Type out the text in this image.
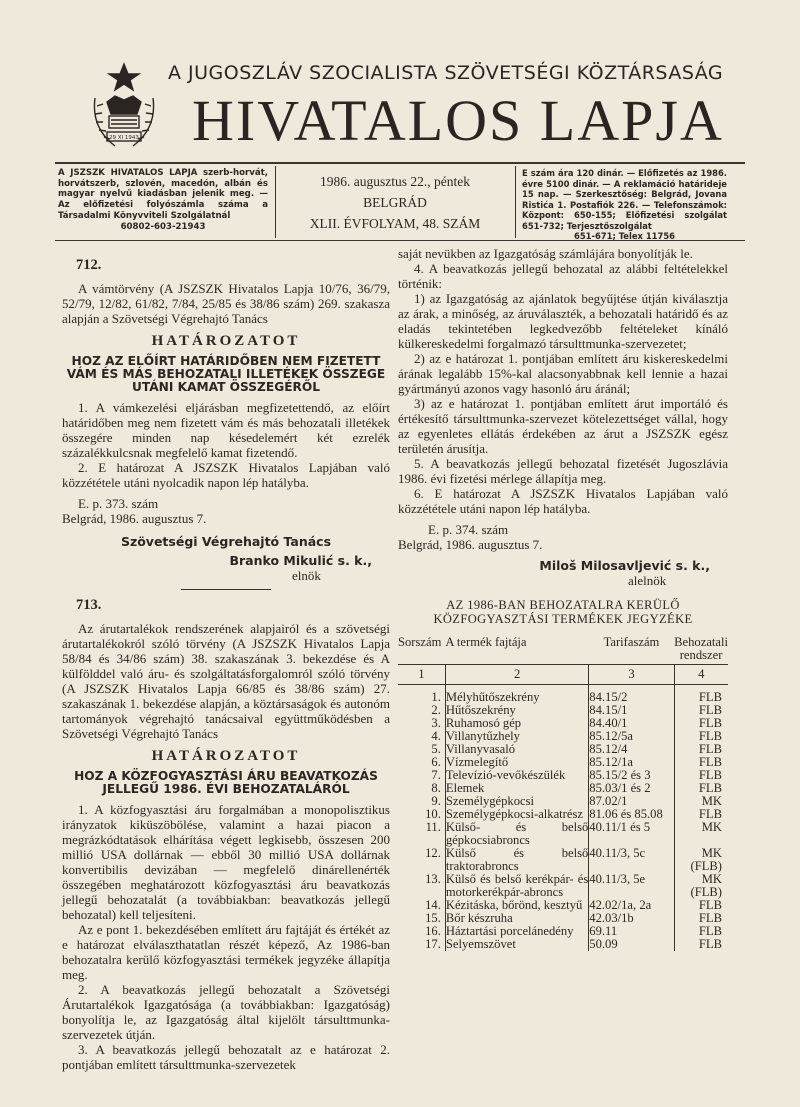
29 XI 1943
A JUGOSZLÁV SZOCIALISTA SZÖVETSÉGI KÖZTÁRSASÁG
HIVATALOS LAPJA
A JSZSZK HIVATALOS LAPJA szerb-horvát, horvátszerb, szlovén, macedón, albán és magyar nyelvű kiadásban jelenik meg. — Az előfizetési folyószámla száma a Társadalmi Könyvviteli Szolgálatnál
60802-603-21943
1986. augusztus 22., péntek
BELGRÁD
XLII. ÉVFOLYAM, 48. SZÁM
E szám ára 120 dinár. — Előfizetés az 1986. évre 5100 dinár. — A reklamáció határideje 15 nap. — Szerkesztőség: Belgrád, Jovana Ristića 1. Postafiók 226. — Telefonszámok: Központ: 650-155; Előfizetési szolgálat 651-732; Terjesztőszolgálat
651-671; Telex 11756
712.

A vámtörvény (A JSZSZK Hivatalos Lapja 10/76, 36/79, 52/79, 12/82, 61/82, 7/84, 25/85 és 38/86 szám) 269. szakasza alapján a Szövetségi Végrehajtó Tanács

HATÁROZATOT
HOZ AZ ELŐÍRT HATÁRIDŐBEN NEM FIZETETT VÁM ÉS MÁS BEHOZATALI ILLETÉKEK ÖSSZEGE UTÁNI KAMAT ÖSSZEGÉRŐL

1. A vámkezelési eljárásban megfizetettendő, az előírt határidőben meg nem fizetett vám és más behozatali illetékek összegére minden nap késedelemért két ezrelék százalékkulcsnak megfelelő kamat fizetendő.

2. E határozat A JSZSZK Hivatalos Lapjában való közzététele utáni nyolcadik napon lép hatályba.

E. p. 373. szám
Belgrád, 1986. augusztus 7.
Szövetségi Végrehajtó Tanács
Branko Mikulić s. k.,
elnök
713.

Az árutartalékok rendszerének alapjairól és a szövetségi árutartalékokról szóló törvény (A JSZSZK Hivatalos Lapja 58/84 és 34/86 szám) 38. szakaszának 3. bekezdése és A külfölddel való áru- és szolgáltatásforgalomról szóló törvény (A JSZSZK Hivatalos Lapja 66/85 és 38/86 szám) 27. szakaszának 1. bekezdése alapján, a köztársaságok és autonóm tartományok végrehajtó tanácsaival együttműködésben a Szövetségi Végrehajtó Tanács

HATÁROZATOT
HOZ A KÖZFOGYASZTÁSI ÁRU BEAVATKOZÁS JELLEGŰ 1986. ÉVI BEHOZATALÁRÓL

1. A közfogyasztási áru forgalmában a monopolisztikus irányzatok kiküszöbölése, valamint a hazai piacon a megrázkódtatások elhárítása végett legkisebb, összesen 200 millió USA dollárnak — ebből 30 millió USA dollárnak konvertibilis devizában — megfelelő dinárellenérték összegében meghatározott közfogyasztási áru beavatkozás jellegű behozatalát (a továbbiakban: beavatkozás jellegű behozatal) kell teljesíteni.

Az e pont 1. bekezdésében említett áru fajtáját és értékét az e határozat elválaszthatatlan részét képező, Az 1986-ban behozatalra kerülő közfogyasztási termékek jegyzéke állapítja meg.

2. A beavatkozás jellegű behozatalt a Szövetségi Árutartalékok Igazgatósága (a továbbiakban: Igazgatóság) bonyolítja le, az Igazgatóság által kijelölt társulttmunka-szervezetek útján.

3. A beavatkozás jellegű behozatalt az e határozat 2. pontjában említett társulttmunka-szervezetek

saját nevükben az Igazgatóság számlájára bonyolítják le.

4. A beavatkozás jellegű behozatal az alábbi feltételekkel történik:

1) az Igazgatóság az ajánlatok begyűjtése útján kiválasztja az árak, a minőség, az áruválaszték, a behozatali határidő és az eladás tekintetében legkedvezőbb feltételeket kínáló külkereskedelmi forgalmazó társulttmunka-szervezetet;

2) az e határozat 1. pontjában említett áru kiskereskedelmi árának legalább 15%-kal alacsonyabbnak kell lennie a hazai gyártmányú azonos vagy hasonló áru áránál;

3) az e határozat 1. pontjában említett árut importáló és értékesítő társulttmunka-szervezet kötelezettséget vállal, hogy az egyenletes ellátás érdekében az árut a JSZSZK egész területén árusítja.

5. A beavatkozás jellegű behozatal fizetését Jugoszlávia 1986. évi fizetési mérlege állapítja meg.

6. E határozat A JSZSZK Hivatalos Lapjában való közzététele utáni napon lép hatályba.

E. p. 374. szám
Belgrád, 1986. augusztus 7.
Miloš Milosavljević s. k.,
alelnök
AZ 1986-BAN BEHOZATALRA KERÜLŐ KÖZFOGYASZTÁSI TERMÉKEK JEGYZÉKE
Sorszám	A termék fajtája	Tarifaszám	Behozatali rendszer
1	2	3	4
1.	Mélyhűtőszekrény	84.15/2	FLB
2.	Hűtőszekrény	84.15/1	FLB
3.	Ruhamosó gép	84.40/1	FLB
4.	Villanytűzhely	85.12/5a	FLB
5.	Villanyvasaló	85.12/4	FLB
6.	Vízmelegítő	85.12/1a	FLB
7.	Televízió-vevőkészülék	85.15/2 és 3	FLB
8.	Elemek	85.03/1 és 2	FLB
9.	Személygépkocsi	87.02/1	MK
10.	Személygépkocsi-alkatrész	81.06 és 85.08	FLB
11.	Külső- és belső gépkocsiabroncs	40.11/1 és 5	MK
12.	Külső és belső traktorabroncs	40.11/3, 5c	MK (FLB)
13.	Külső és belső kerékpár- és motorkerékpár-abroncs	40.11/3, 5e	MK (FLB)
14.	Kézitáska, bőrönd, kesztyű	42.02/1a, 2a	FLB
15.	Bőr készruha	42.03/1b	FLB
16.	Háztartási porcelánedény	69.11	FLB
17.	Selyemszövet	50.09	FLB
